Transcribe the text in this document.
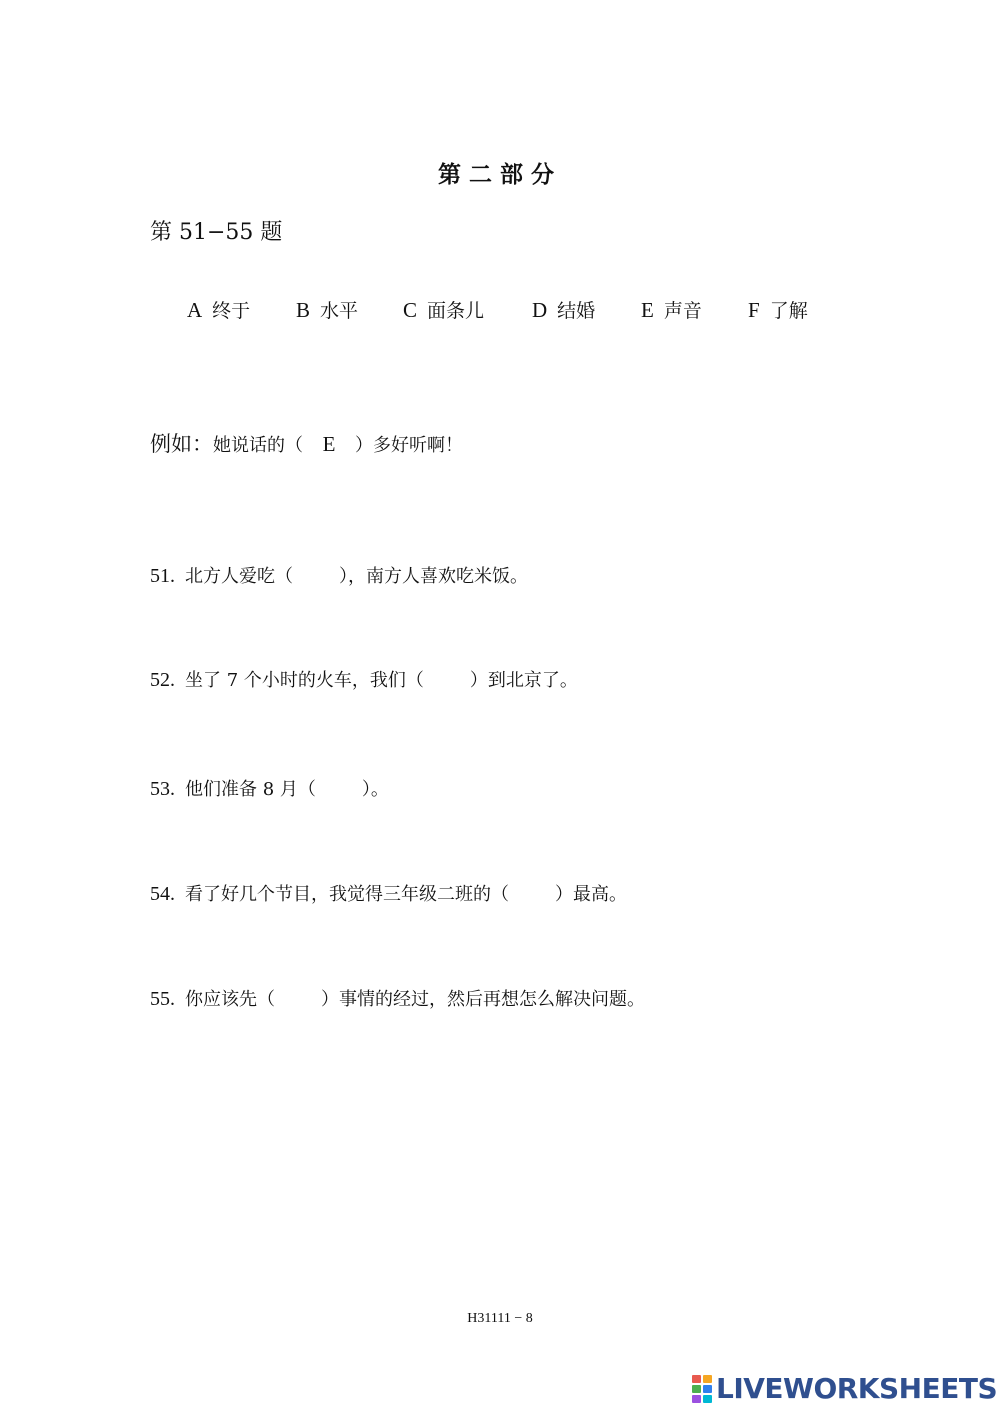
第二部分
第 51−55 题
A 终于 B 水平 C 面条儿 D 结婚 E 声音 F 了解
例如：她说话的（ E ）多好听啊！
51. 北方人爱吃（	），南方人喜欢吃米饭。
52. 坐了 7 个小时的火车，我们（	）到北京了。
53. 他们准备 8 月（	）。
54. 看了好几个节目，我觉得三年级二班的（	）最高。
55. 你应该先（	）事情的经过，然后再想怎么解决问题。
H31111 − 8
LIVEWORKSHEETS
